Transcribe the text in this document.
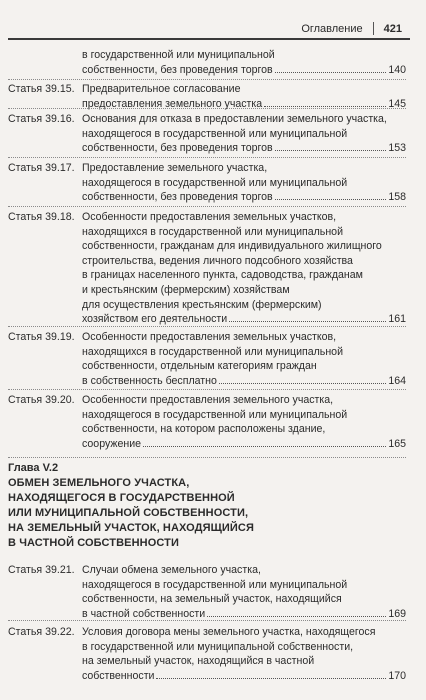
Оглавление 421
в государственной или муниципальной
собственности, без проведения торгов	140
Статья 39.15. Предварительное согласование
предоставления земельного участка	145
Статья 39.16. Основания для отказа в предоставлении земельного участка,
находящегося в государственной или муниципальной
собственности, без проведения торгов	153
Статья 39.17. Предоставление земельного участка,
находящегося в государственной или муниципальной
собственности, без проведения торгов	158
Статья 39.18. Особенности предоставления земельных участков,
находящихся в государственной или муниципальной
собственности, гражданам для индивидуального жилищного
строительства, ведения личного подсобного хозяйства
в границах населенного пункта, садоводства, гражданам
и крестьянским (фермерским) хозяйствам
для осуществления крестьянским (фермерским)
хозяйством его деятельности	161
Статья 39.19. Особенности предоставления земельных участков,
находящихся в государственной или муниципальной
собственности, отдельным категориям граждан
в собственность бесплатно	164
Статья 39.20. Особенности предоставления земельного участка,
находящегося в государственной или муниципальной
собственности, на котором расположены здание,
сооружение	165
Статья 39.21. Случаи обмена земельного участка,
находящегося в государственной или муниципальной
собственности, на земельный участок, находящийся
в частной собственности	169
Статья 39.22. Условия договора мены земельного участка, находящегося
в государственной или муниципальной собственности,
на земельный участок, находящийся в частной
собственности	170
Глава V.2
ОБМЕН ЗЕМЕЛЬНОГО УЧАСТКА,
НАХОДЯЩЕГОСЯ В ГОСУДАРСТВЕННОЙ
ИЛИ МУНИЦИПАЛЬНОЙ СОБСТВЕННОСТИ,
НА ЗЕМЕЛЬНЫЙ УЧАСТОК, НАХОДЯЩИЙСЯ
В ЧАСТНОЙ СОБСТВЕННОСТИ
